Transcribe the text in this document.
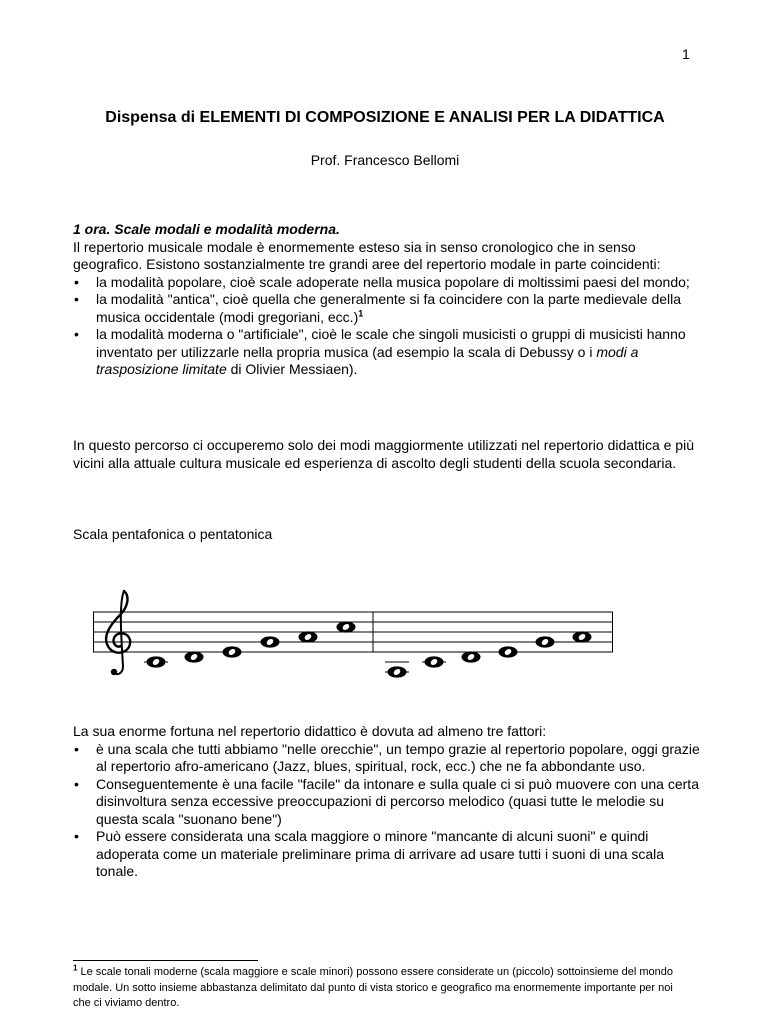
1
Dispensa di ELEMENTI DI COMPOSIZIONE E ANALISI PER LA DIDATTICA
Prof. Francesco Bellomi
1 ora. Scale modali e modalità moderna.

Il repertorio musicale modale è enormemente esteso sia in senso cronologico che in senso geografico. Esistono sostanzialmente tre grandi aree del repertorio modale in parte coincidenti:

• la modalità popolare, cioè scale adoperate nella musica popolare di moltissimi paesi del mondo;
• la modalità "antica", cioè quella che generalmente si fa coincidere con la parte medievale della musica occidentale (modi gregoriani, ecc.)$^1$
• la modalità moderna o "artificiale", cioè le scale che singoli musicisti o gruppi di musicisti hanno inventato per utilizzarle nella propria musica (ad esempio la scala di Debussy o i modi a trasposizione limitate di Olivier Messiaen).

In questo percorso ci occuperemo solo dei modi maggiormente utilizzati nel repertorio didattica e più vicini alla attuale cultura musicale ed esperienza di ascolto degli studenti della scuola secondaria.

Scala pentafonica o pentatonica

La sua enorme fortuna nel repertorio didattico è dovuta ad almeno tre fattori:

• è una scala che tutti abbiamo "nelle orecchie", un tempo grazie al repertorio popolare, oggi grazie al repertorio afro-americano (Jazz, blues, spiritual, rock, ecc.) che ne fa abbondante uso.
• Conseguentemente è una facile "facile" da intonare e sulla quale ci si può muovere con una certa disinvoltura senza eccessive preoccupazioni di percorso melodico (quasi tutte le melodie su questa scala "suonano bene")
• Può essere considerata una scala maggiore o minore "mancante di alcuni suoni" e quindi adoperata come un materiale preliminare prima di arrivare ad usare tutti i suoni di una scala tonale.
$^1$ Le scale tonali moderne (scala maggiore e scale minori) possono essere considerate un (piccolo) sottoinsieme del mondo modale. Un sotto insieme abbastanza delimitato dal punto di vista storico e geografico ma enormemente importante per noi che ci viviamo dentro.
